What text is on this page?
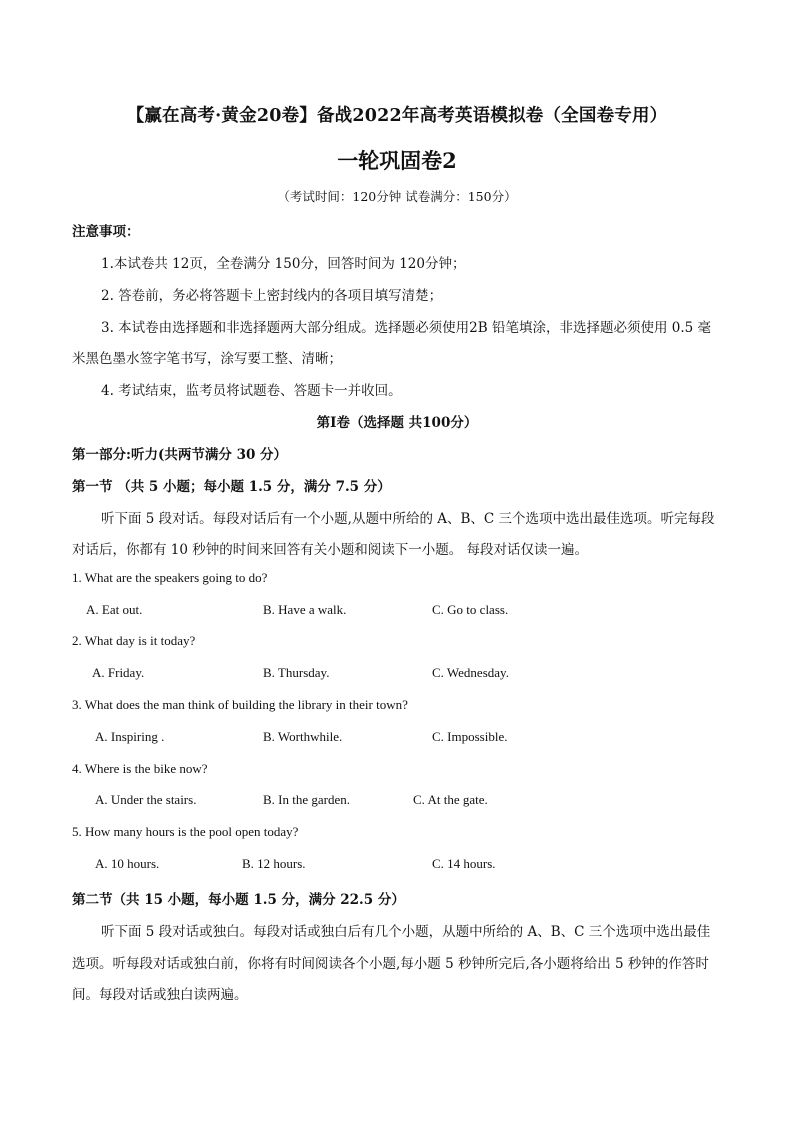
【赢在高考·黄金20卷】备战2022年高考英语模拟卷（全国卷专用）
一轮巩固卷2
（考试时间：120分钟 试卷满分：150分）
注意事项：
1.本试卷共 12页，全卷满分 150分，回答时间为 120分钟；
2. 答卷前，务必将答题卡上密封线内的各项目填写清楚；
3. 本试卷由选择题和非选择题两大部分组成。选择题必须使用2B 铅笔填涂，非选择题必须使用 0.5 毫
米黑色墨水签字笔书写，涂写要工整、清晰；
4. 考试结束，监考员将试题卷、答题卡一并收回。
第Ⅰ卷（选择题 共100分）
第一部分:听力(共两节满分 30 分）
第一节 （共 5 小题；每小题 1.5 分，满分 7.5 分）
听下面 5 段对话。每段对话后有一个小题,从题中所给的 A、B、C 三个选项中选出最佳选项。听完每段
对话后，你都有 10 秒钟的时间来回答有关小题和阅读下一小题。 每段对话仅读一遍。
1. What are the speakers going to do?
A. Eat out.	B. Have a walk.	C. Go to class.
2. What day is it today?
A. Friday.	B. Thursday.	C. Wednesday.
3. What does the man think of building the library in their town?
A. Inspiring .	B. Worthwhile.	C. Impossible.
4. Where is the bike now?
A. Under the stairs.	B. In the garden.	C. At the gate.
5. How many hours is the pool open today?
A. 10 hours.	B. 12 hours.	C. 14 hours.
第二节（共 15 小题，每小题 1.5 分，满分 22.5 分）
听下面 5 段对话或独白。每段对话或独白后有几个小题，从题中所给的 A、B、C 三个选项中选出最佳
选项。听每段对话或独白前，你将有时间阅读各个小题,每小题 5 秒钟所完后,各小题将给出 5 秒钟的作答时
间。每段对话或独白读两遍。
